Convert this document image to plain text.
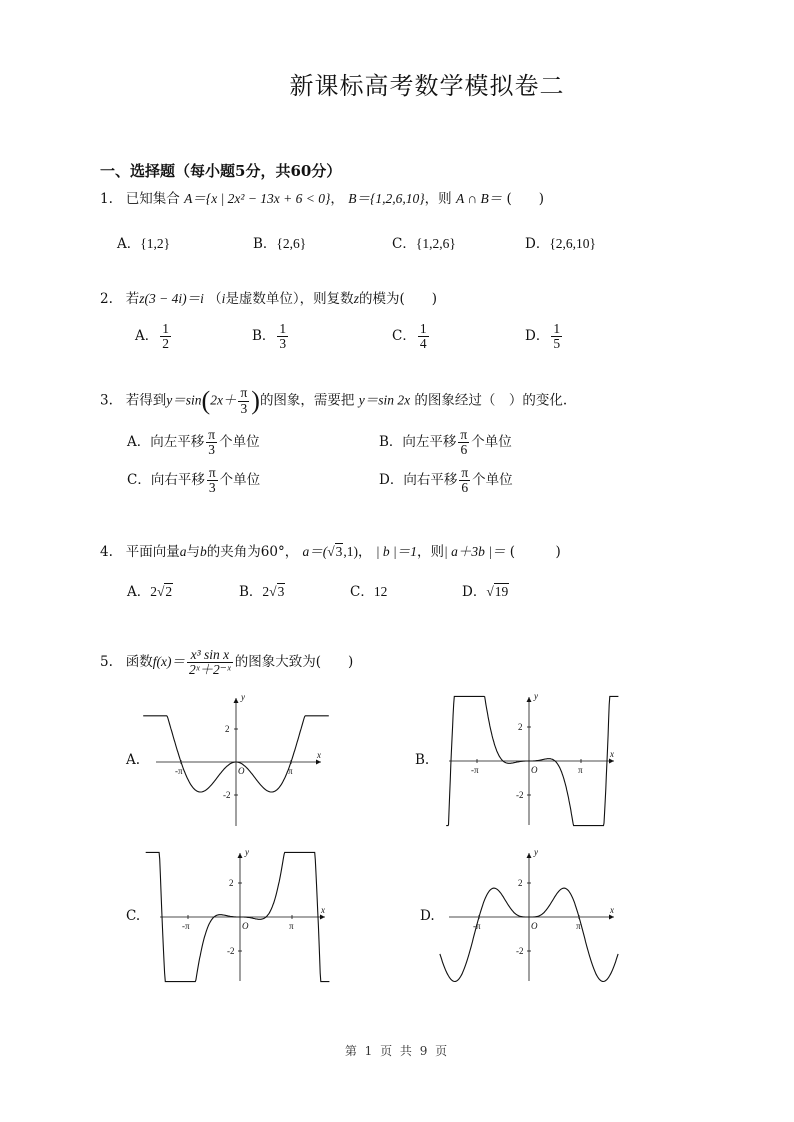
新课标高考数学模拟卷二
一、选择题（每小题5分，共60分）
1. 已知集合 A＝{x | 2x² − 13x + 6 < 0}， B＝{1,2,6,10}，则 A ∩ B＝ (　　)
A．{1,2}	B．{2,6}	C．{1,2,6}	D．{2,6,10}
2. 若z(3 − 4i)＝i （i是虚数单位），则复数z的模为(　　)
A． $\frac{1}{2}$	B． $\frac{1}{3}$	C． $\frac{1}{4}$	D． $\frac{1}{5}$
3. 若得到$y=\sin(2x+ \frac{\pi}{3}$ )的图象，需要把 y＝sin 2x 的图象经过（　）的变化.
A．向左平移 $\frac{\pi}{3}$ 个单位	B．向左平移 $\frac{\pi}{6}$ 个单位
C．向右平移 $\frac{\pi}{3}$ 个单位	D．向右平移 $\frac{\pi}{6}$ 个单位
4. 平面向量a与b的夹角为60°， a＝(√3,1)， | b |＝1，则| a＋3b |＝ (　　　)
A．2√2	B．2√3	C．12	D．√19
5. 函数$f(x)= \frac{\text{x³ sin x}}{\text{2ˣ＋2⁻ˣ}}$ 的图象大致为(　　)
A.	B.
C.	D.
y
x
O
2
-2
π
-π
y
x
O
2
-2
π
-π
y
x
O
2
-2
π
-π
y
x
O
2
-2
π
-π
第 1 页 共 9 页
